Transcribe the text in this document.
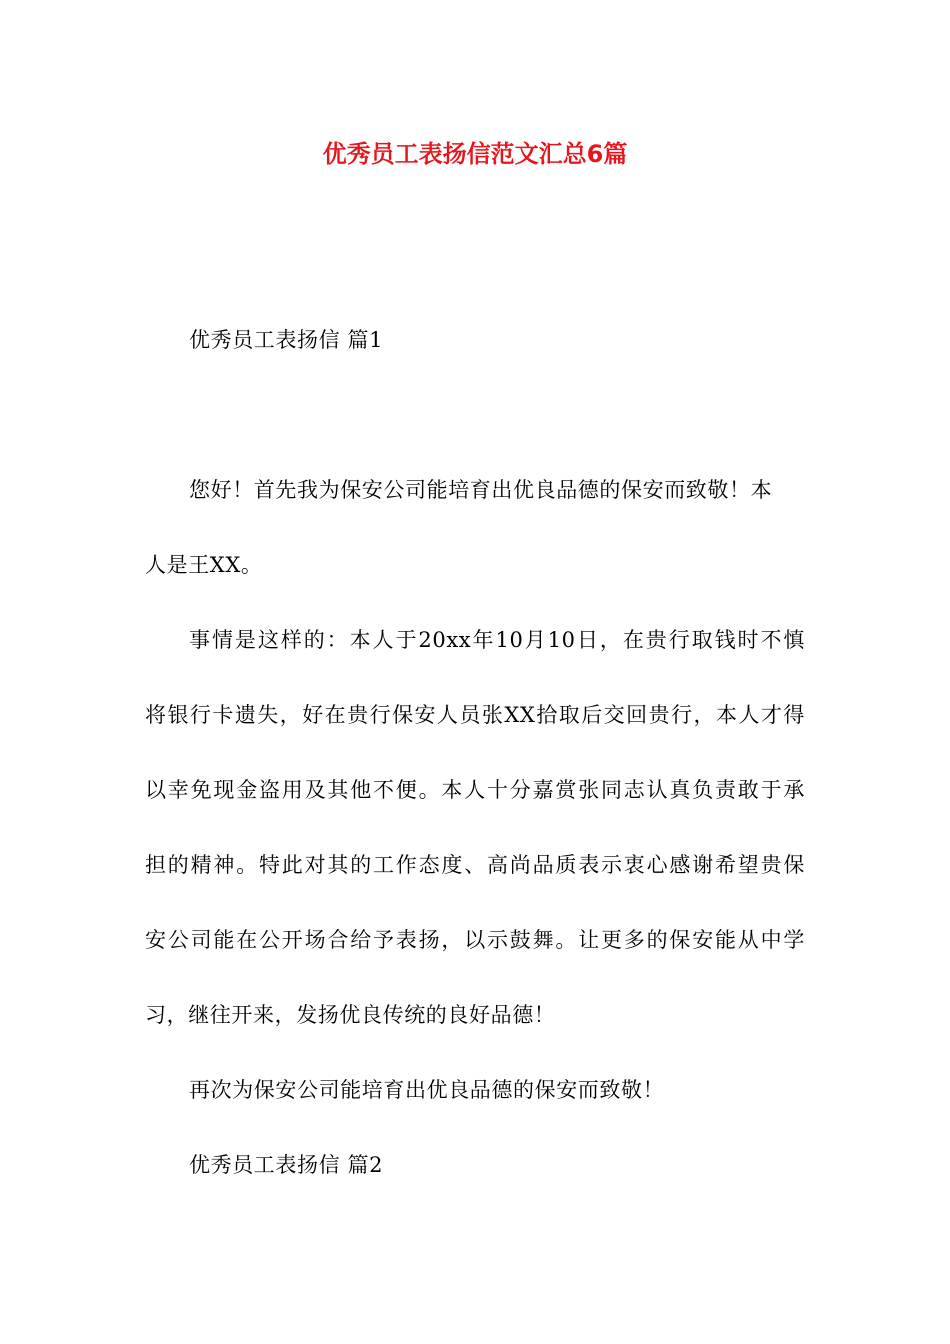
优秀员工表扬信范文汇总6篇
优秀员工表扬信 篇1
您好！首先我为保安公司能培育出优良品德的保安而致敬！本
人是王XX。
事情是这样的：本人于20xx年10月10日，在贵行取钱时不慎
将银行卡遗失，好在贵行保安人员张XX拾取后交回贵行，本人才得
以幸免现金盗用及其他不便。本人十分嘉赏张同志认真负责敢于承
担的精神。特此对其的工作态度、高尚品质表示衷心感谢希望贵保
安公司能在公开场合给予表扬，以示鼓舞。让更多的保安能从中学
习，继往开来，发扬优良传统的良好品德！
再次为保安公司能培育出优良品德的保安而致敬！
优秀员工表扬信 篇2
